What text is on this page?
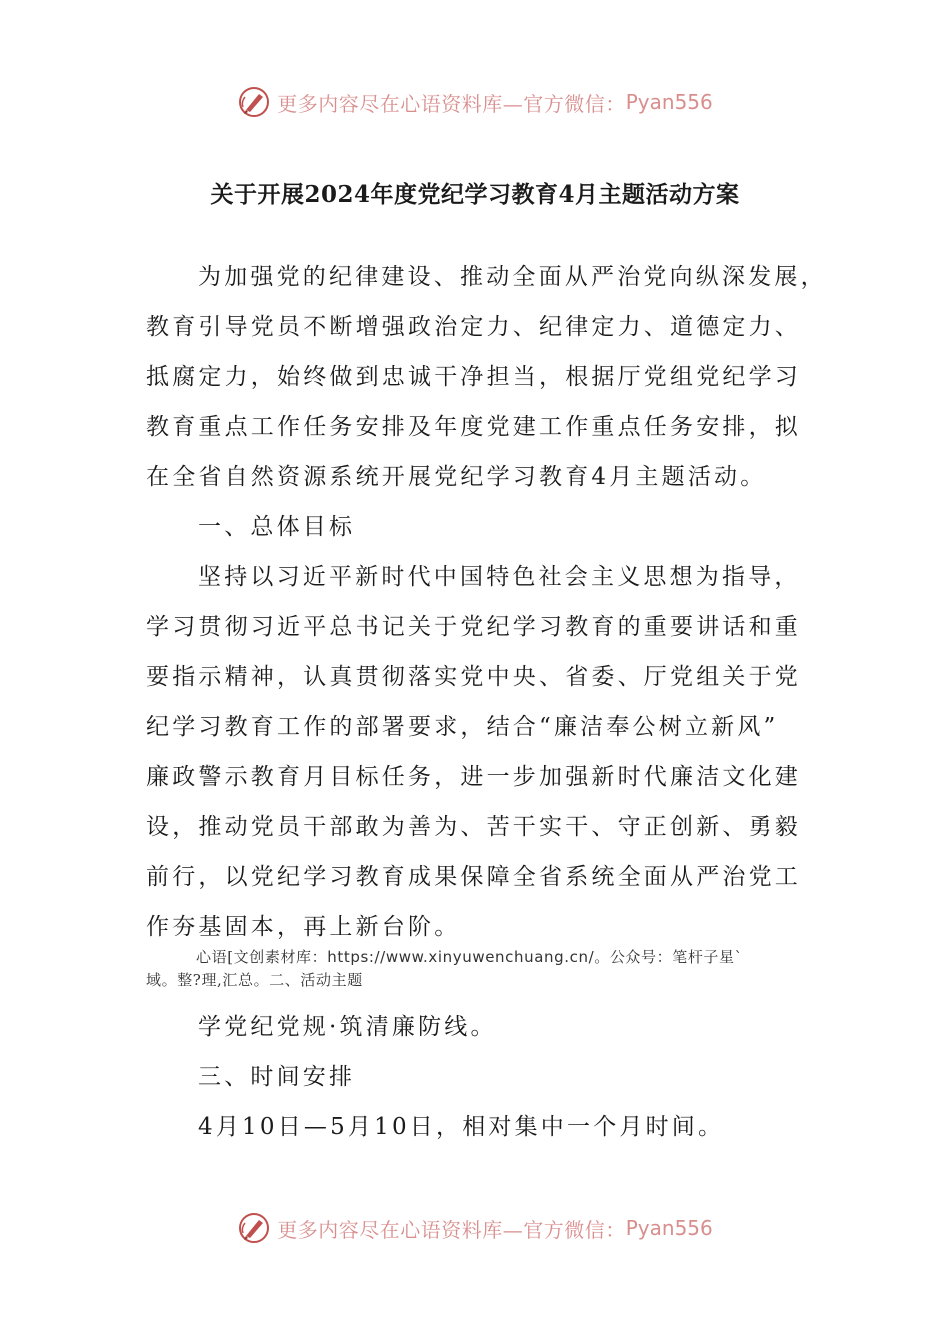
更多内容尽在心语资料库—官方微信： Pyan556
关于开展2024年度党纪学习教育4月主题活动方案
为加强党的纪律建设、推动全面从严治党向纵深发展，
教育引导党员不断增强政治定力、纪律定力、道德定力、
抵腐定力，始终做到忠诚干净担当，根据厅党组党纪学习
教育重点工作任务安排及年度党建工作重点任务安排，拟
在全省自然资源系统开展党纪学习教育4月主题活动。
一、总体目标
坚持以习近平新时代中国特色社会主义思想为指导，
学习贯彻习近平总书记关于党纪学习教育的重要讲话和重
要指示精神，认真贯彻落实党中央、省委、厅党组关于党
纪学习教育工作的部署要求，结合“廉洁奉公树立新风”
廉政警示教育月目标任务，进一步加强新时代廉洁文化建
设，推动党员干部敢为善为、苦干实干、守正创新、勇毅
前行，以党纪学习教育成果保障全省系统全面从严治党工
作夯基固本，再上新台阶。
心语[文创素材库：https://www.xinyuwenchuang.cn/。公众号：笔杆子星`
域。整?理,汇总。二、活动主题
学党纪党规·筑清廉防线。
三、时间安排
4月10日—5月10日，相对集中一个月时间。
更多内容尽在心语资料库—官方微信： Pyan556
